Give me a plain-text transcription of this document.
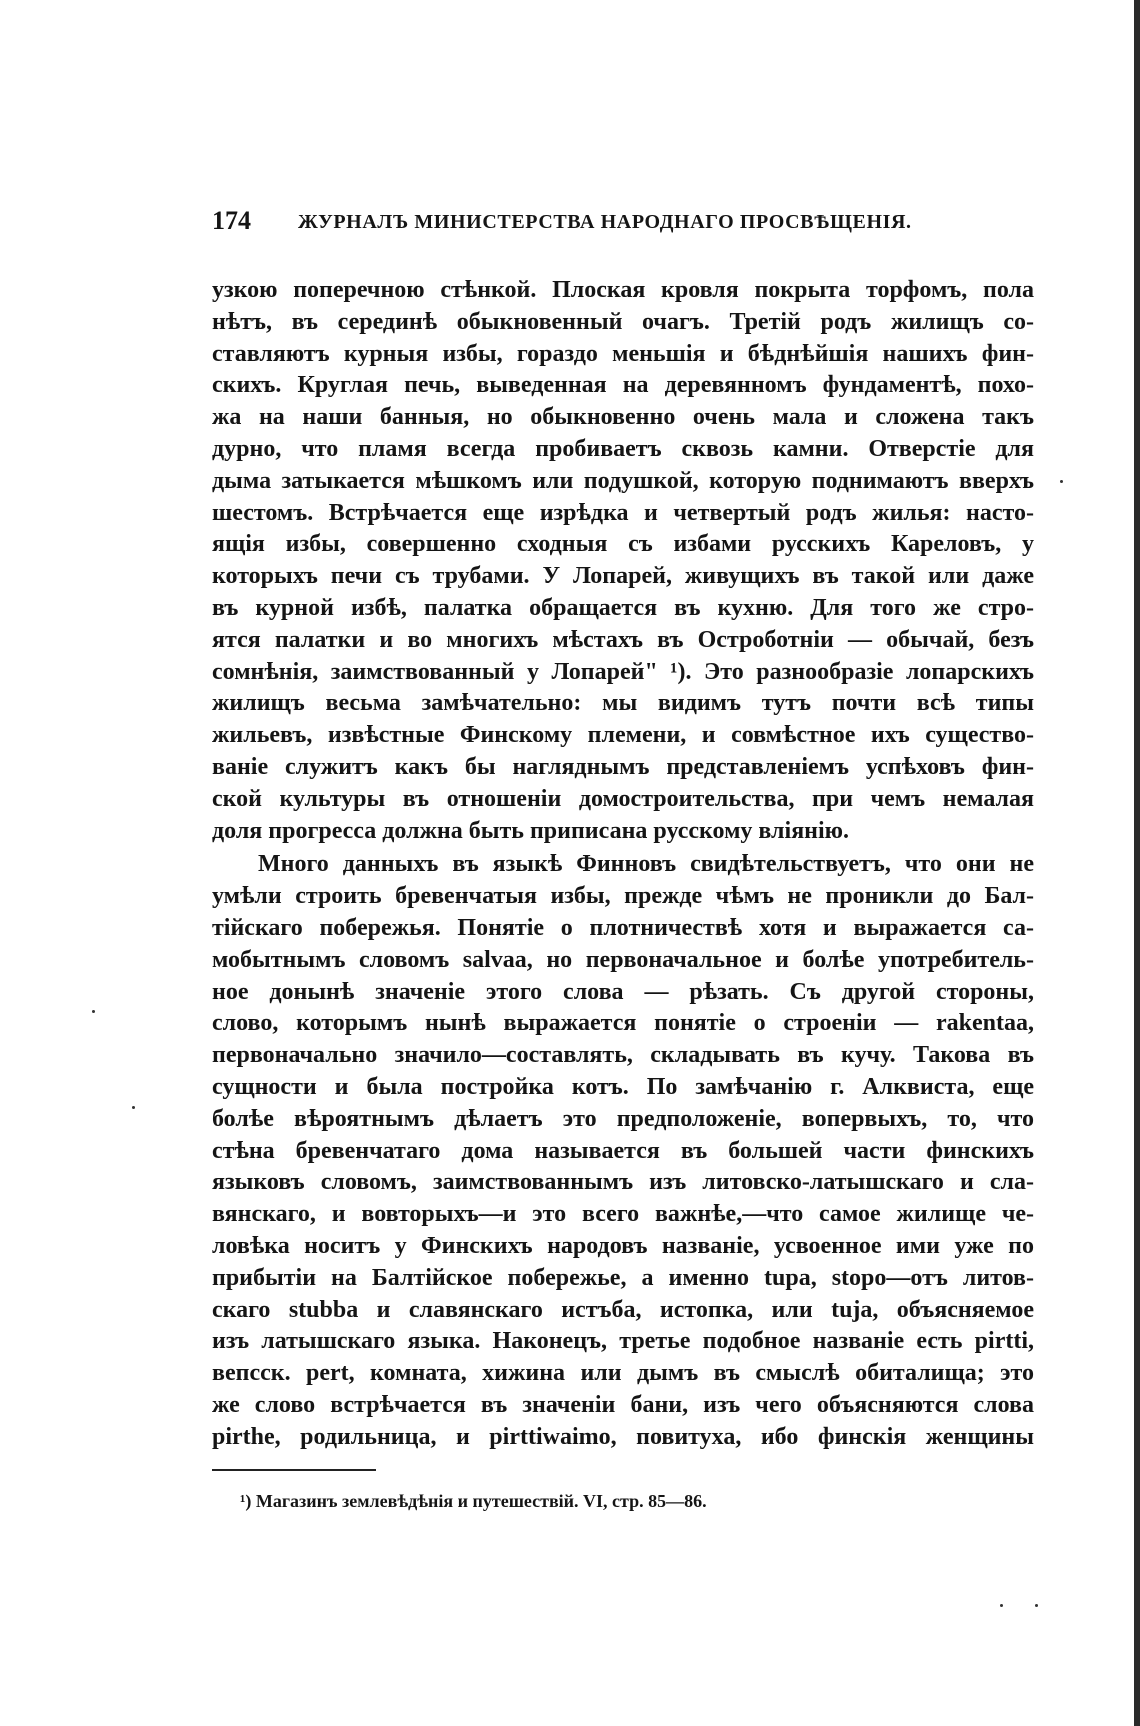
174 ЖУРНАЛЪ МИНИСТЕРСТВА НАРОДНАГО ПРОСВѢЩЕНІЯ.
узкою поперечною стѣнкой. Плоская кровля покрыта торфомъ, пола
нѣтъ, въ серединѣ обыкновенный очагъ. Третій родъ жилищъ со-
ставляютъ курныя избы, гораздо меньшія и бѣднѣйшія нашихъ фин-
скихъ. Круглая печь, выведенная на деревянномъ фундаментѣ, похо-
жа на наши банныя, но обыкновенно очень мала и сложена такъ
дурно, что пламя всегда пробиваетъ сквозь камни. Отверстіе для
дыма затыкается мѣшкомъ или подушкой, которую поднимаютъ вверхъ
шестомъ. Встрѣчается еще изрѣдка и четвертый родъ жилья: насто-
ящія избы, совершенно сходныя съ избами русскихъ Кареловъ, у
которыхъ печи съ трубами. У Лопарей, живущихъ въ такой или даже
въ курной избѣ, палатка обращается въ кухню. Для того же стро-
ятся палатки и во многихъ мѣстахъ въ Остроботніи — обычай, безъ
сомнѣнія, заимствованный у Лопарей" ¹). Это разнообразіе лопарскихъ
жилищъ весьма замѣчательно: мы видимъ тутъ почти всѣ типы
жильевъ, извѣстные Финскому племени, и совмѣстное ихъ существо-
ваніе служитъ какъ бы нагляднымъ представленіемъ успѣховъ фин-
ской культуры въ отношеніи домостроительства, при чемъ немалая
доля прогресса должна быть приписана русскому вліянію.
Много данныхъ въ языкѣ Финновъ свидѣтельствуетъ, что они не
умѣли строить бревенчатыя избы, прежде чѣмъ не проникли до Бал-
тійскаго побережья. Понятіе о плотничествѣ хотя и выражается са-
мобытнымъ словомъ salvaa, но первоначальное и болѣе употребитель-
ное донынѣ значеніе этого слова — рѣзать. Съ другой стороны,
слово, которымъ нынѣ выражается понятіе о строеніи — rakentaa,
первоначально значило—составлять, складывать въ кучу. Такова въ
сущности и была постройка котъ. По замѣчанію г. Алквиста, еще
болѣе вѣроятнымъ дѣлаетъ это предположеніе, вопервыхъ, то, что
стѣна бревенчатаго дома называется въ большей части финскихъ
языковъ словомъ, заимствованнымъ изъ литовско-латышскаго и сла-
вянскаго, и вовторыхъ—и это всего важнѣе,—что самое жилище че-
ловѣка носитъ у Финскихъ народовъ названіе, усвоенное ими уже по
прибытіи на Балтійское побережье, а именно tupa, stopo—отъ литов-
скаго stubba и славянскаго истъба, истопка, или tuja, объясняемое
изъ латышскаго языка. Наконецъ, третье подобное названіе есть pirtti,
вепсск. pert, комната, хижина или дымъ въ смыслѣ обиталища; это
же слово встрѣчается въ значеніи бани, изъ чего объясняются слова
pirthe, родильница, и pirttiwaimo, повитуха, ибо финскія женщины
¹) Магазинъ землевѣдѣнія и путешествій. VI, стр. 85—86.
